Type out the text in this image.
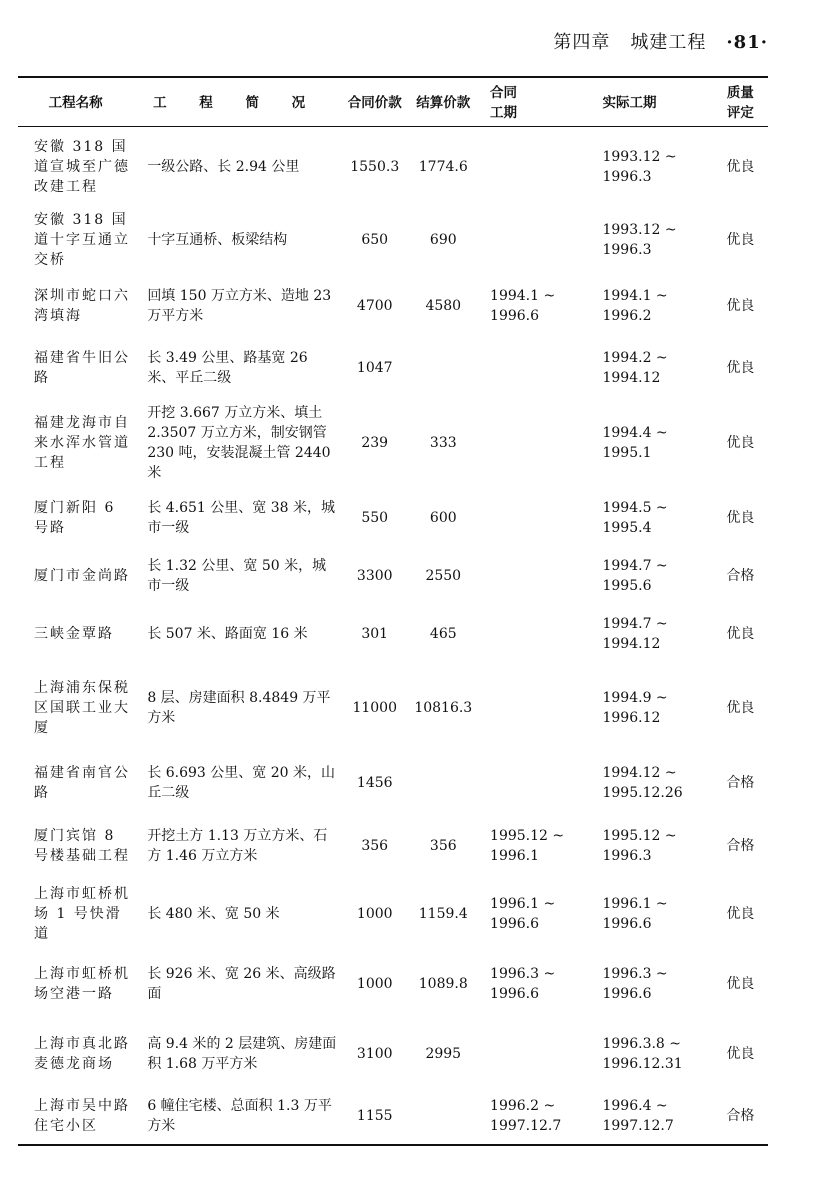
第四章 城建工程 ·81·
工程名称	工 程 简 况	合同价款	结算价款	合同
工期	实际工期	质量
评定

安徽 318 国道宣城至广德改建工程	一级公路、长 2.94 公里	1550.3	1774.6		1993.12 ~
1996.3	优良
安徽 318 国道十字互通立交桥	十字互通桥、板梁结构	650	690		1993.12 ~
1996.3	优良
深圳市蛇口六湾填海	回填 150 万立方米、造地 23 万平方米	4700	4580	1994.1 ~
1996.6	1994.1 ~
1996.2	优良
福建省牛旧公路	长 3.49 公里、路基宽 26 米、平丘二级	1047			1994.2 ~
1994.12	优良
福建龙海市自来水浑水管道工程	开挖 3.667 万立方米、填土 2.3507 万立方米，制安钢管 230 吨，安装混凝土管 2440 米	239	333		1994.4 ~
1995.1	优良
厦门新阳 6 号路	长 4.651 公里、宽 38 米，城市一级	550	600		1994.5 ~
1995.4	优良
厦门市金尚路	长 1.32 公里、宽 50 米，城市一级	3300	2550		1994.7 ~
1995.6	合格
三峡金覃路	长 507 米、路面宽 16 米	301	465		1994.7 ~
1994.12	优良
上海浦东保税区国联工业大厦	8 层、房建面积 8.4849 万平方米	11000	10816.3		1994.9 ~
1996.12	优良
福建省南官公路	长 6.693 公里、宽 20 米，山丘二级	1456			1994.12 ~
1995.12.26	合格
厦门宾馆 8 号楼基础工程	开挖土方 1.13 万立方米、石方 1.46 万立方米	356	356	1995.12 ~
1996.1	1995.12 ~
1996.3	合格
上海市虹桥机场 1 号快滑道	长 480 米、宽 50 米	1000	1159.4	1996.1 ~
1996.6	1996.1 ~
1996.6	优良
上海市虹桥机场空港一路	长 926 米、宽 26 米、高级路面	1000	1089.8	1996.3 ~
1996.6	1996.3 ~
1996.6	优良
上海市真北路麦德龙商场	高 9.4 米的 2 层建筑、房建面积 1.68 万平方米	3100	2995		1996.3.8 ~
1996.12.31	优良
上海市吴中路住宅小区	6 幢住宅楼、总面积 1.3 万平方米	1155		1996.2 ~
1997.12.7	1996.4 ~
1997.12.7	合格
